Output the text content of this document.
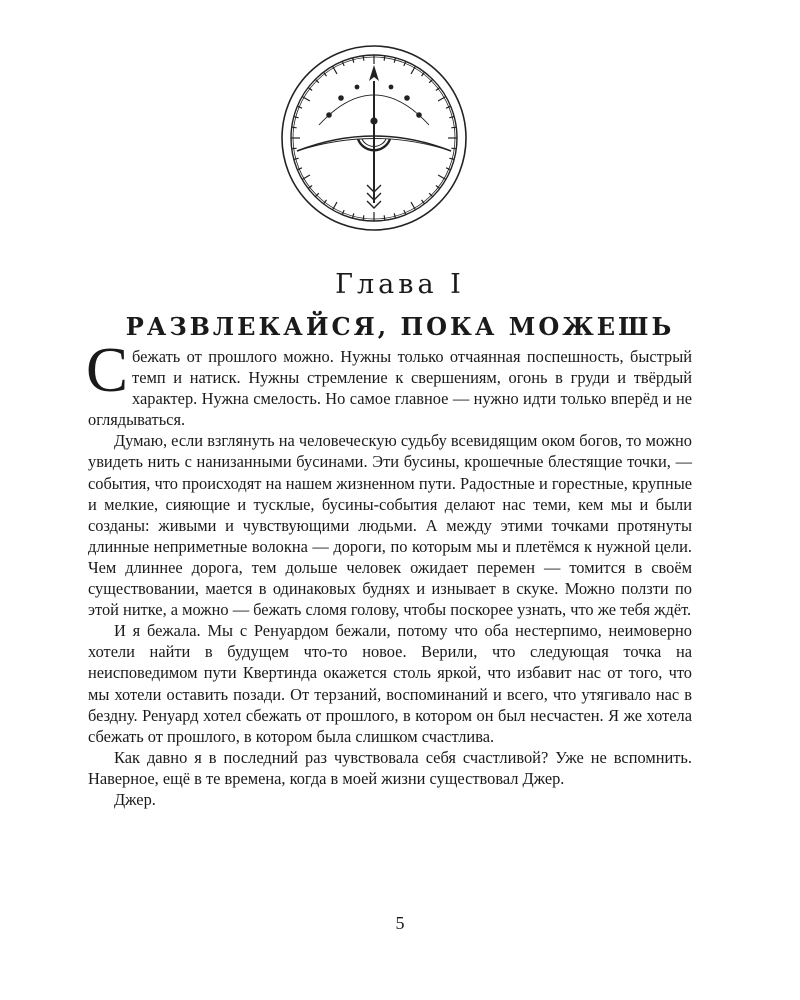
Глава I
РАЗВЛЕКАЙСЯ, ПОКА МОЖЕШЬ

Сбежать от прошлого можно. Нужны только отчаянная поспешность, быстрый темп и натиск. Нужны стремление к свершениям, огонь в груди и твёрдый характер. Нужна смелость. Но самое главное — нужно идти только вперёд и не оглядываться.

Думаю, если взглянуть на человеческую судьбу всевидящим оком богов, то можно увидеть нить с нанизанными бусинами. Эти бусины, крошечные блестящие точки, — события, что происходят на нашем жизненном пути. Радостные и горестные, крупные и мелкие, сияющие и тусклые, бусины-события делают нас теми, кем мы и были созданы: живыми и чувствующими людьми. А между этими точками протянуты длинные неприметные волокна — дороги, по которым мы и плетёмся к нужной цели. Чем длиннее дорога, тем дольше человек ожидает перемен — томится в своём существовании, мается в одинаковых буднях и изнывает в скуке. Можно ползти по этой нитке, а можно — бежать сломя голову, чтобы поскорее узнать, что же тебя ждёт.

И я бежала. Мы с Ренуардом бежали, потому что оба нестерпимо, неимоверно хотели найти в будущем что-то новое. Верили, что следующая точка на неисповедимом пути Квертинда окажется столь яркой, что избавит нас от того, что мы хотели оставить позади. От терзаний, воспоминаний и всего, что утягивало нас в бездну. Ренуард хотел сбежать от прошлого, в котором он был несчастен. Я же хотела сбежать от прошлого, в котором была слишком счастлива.

Как давно я в последний раз чувствовала себя счастливой? Уже не вспомнить. Наверное, ещё в те времена, когда в моей жизни существовал Джер.

Джер.

5
